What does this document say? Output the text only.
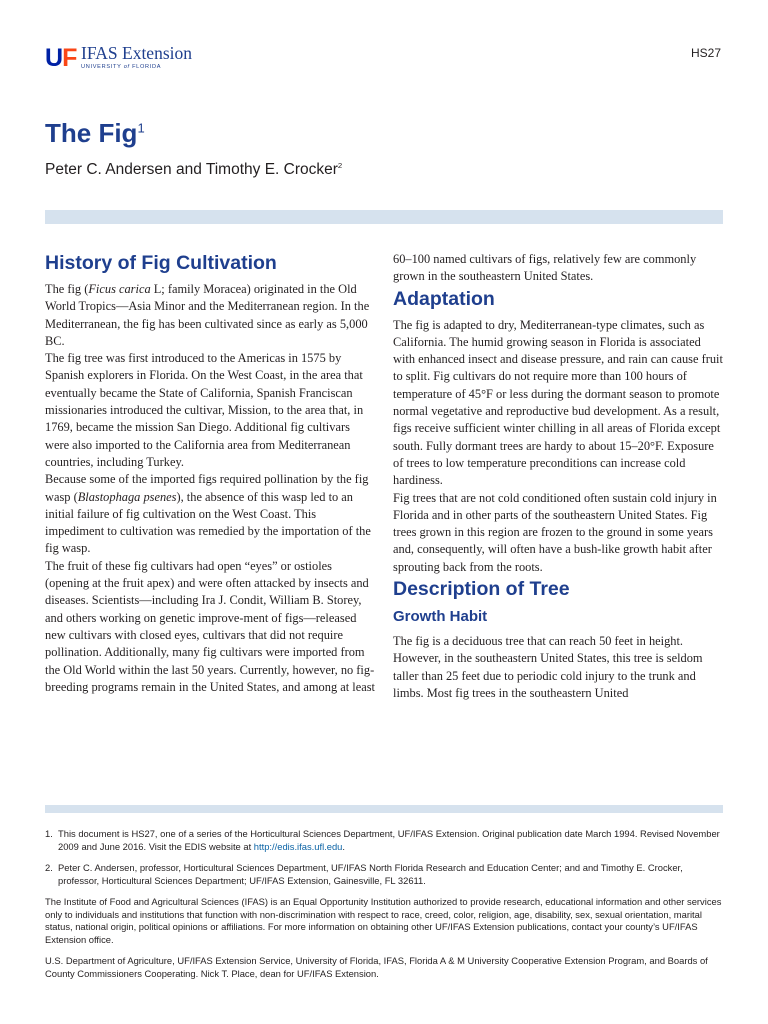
UF IFAS Extension
UNIVERSITY of FLORIDA
HS27
The Fig$^1$
Peter C. Andersen and Timothy E. Crocker$^2$
History of Fig Cultivation

The fig (Ficus carica L; family Moracea) originated in the Old World Tropics—Asia Minor and the Mediterranean region. In the Mediterranean, the fig has been cultivated since as early as 5,000 BC.

The fig tree was first introduced to the Americas in 1575 by Spanish explorers in Florida. On the West Coast, in the area that eventually became the State of California, Spanish Franciscan missionaries introduced the cultivar, Mission, to the area that, in 1769, became the mission San Diego. Additional fig cultivars were also imported to the California area from Mediterranean countries, including Turkey.

Because some of the imported figs required pollination by the fig wasp (Blastophaga psenes), the absence of this wasp led to an initial failure of fig cultivation on the West Coast. This impediment to cultivation was remedied by the importation of the fig wasp.

The fruit of these fig cultivars had open “eyes” or ostioles (opening at the fruit apex) and were often attacked by insects and diseases. Scientists—including Ira J. Condit, William B. Storey, and others working on genetic improve-ment of figs—released new cultivars with closed eyes, cultivars that did not require pollination. Additionally, many fig cultivars were imported from the Old World within the last 50 years. Currently, however, no fig-breeding programs remain in the United States, and among at least

60–100 named cultivars of figs, relatively few are commonly grown in the southeastern United States.

Adaptation

The fig is adapted to dry, Mediterranean-type climates, such as California. The humid growing season in Florida is associated with enhanced insect and disease pressure, and rain can cause fruit to split. Fig cultivars do not require more than 100 hours of temperature of 45°F or less during the dormant season to promote normal vegetative and reproductive bud development. As a result, figs receive sufficient winter chilling in all areas of Florida except south. Fully dormant trees are hardy to about 15–20°F. Exposure of trees to low temperature preconditions can increase cold hardiness.

Fig trees that are not cold conditioned often sustain cold injury in Florida and in other parts of the southeastern United States. Fig trees grown in this region are frozen to the ground in some years and, consequently, will often have a bush-like growth habit after sprouting back from the roots.

Description of Tree
Growth Habit

The fig is a deciduous tree that can reach 50 feet in height. However, in the southeastern United States, this tree is seldom taller than 25 feet due to periodic cold injury to the trunk and limbs. Most fig trees in the southeastern United

1. This document is HS27, one of a series of the Horticultural Sciences Department, UF/IFAS Extension. Original publication date March 1994. Revised November 2009 and June 2016. Visit the EDIS website at http://edis.ifas.ufl.edu.
2. Peter C. Andersen, professor, Horticultural Sciences Department, UF/IFAS North Florida Research and Education Center; and and Timothy E. Crocker, professor, Horticultural Sciences Department; UF/IFAS Extension, Gainesville, FL 32611.

The Institute of Food and Agricultural Sciences (IFAS) is an Equal Opportunity Institution authorized to provide research, educational information and other services only to individuals and institutions that function with non-discrimination with respect to race, creed, color, religion, age, disability, sex, sexual orientation, marital status, national origin, political opinions or affiliations. For more information on obtaining other UF/IFAS Extension publications, contact your county’s UF/IFAS Extension office.

U.S. Department of Agriculture, UF/IFAS Extension Service, University of Florida, IFAS, Florida A & M University Cooperative Extension Program, and Boards of County Commissioners Cooperating. Nick T. Place, dean for UF/IFAS Extension.
